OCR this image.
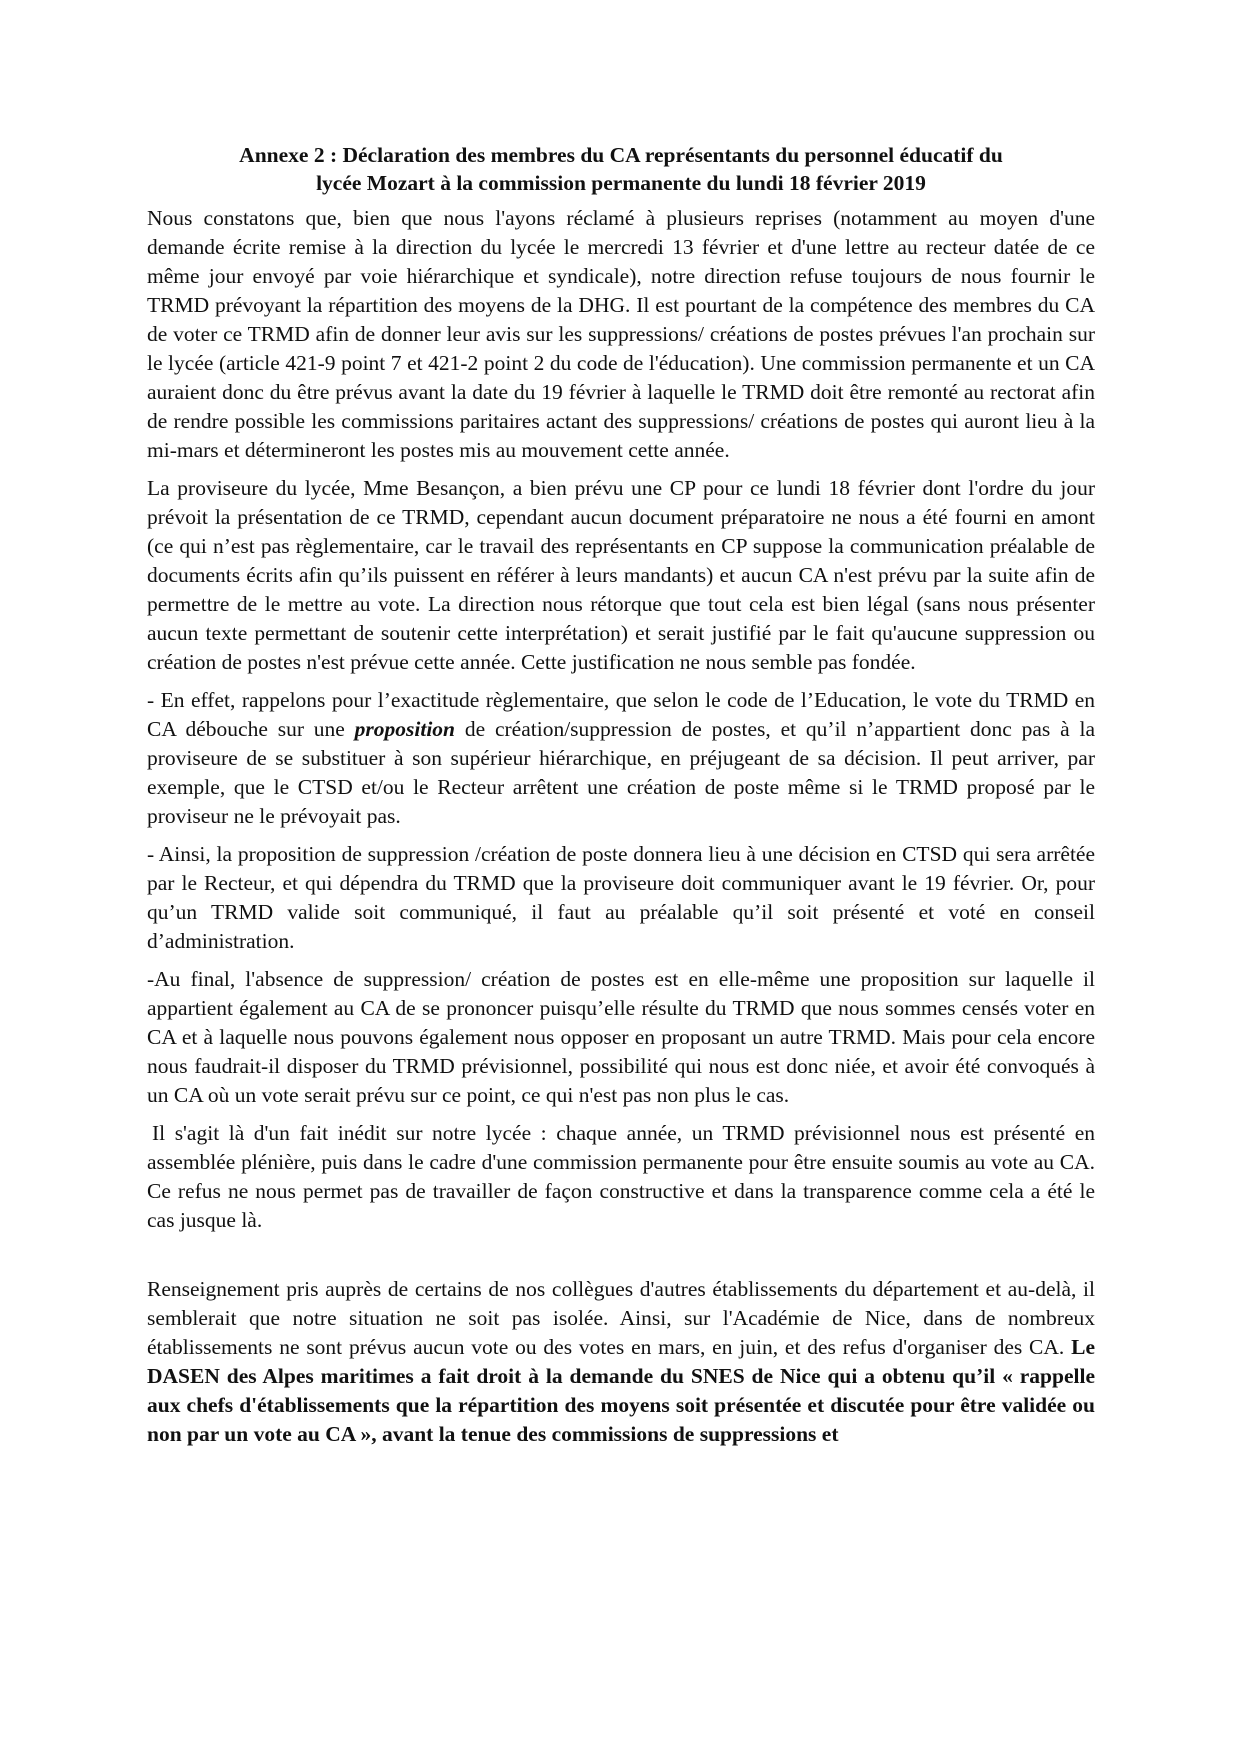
Annexe 2 : Déclaration des membres du CA représentants du personnel éducatif du
lycée Mozart à la commission permanente du lundi 18 février 2019

Nous constatons que, bien que nous l'ayons réclamé à plusieurs reprises (notamment au moyen d'une demande écrite remise à la direction du lycée le mercredi 13 février et d'une lettre au recteur datée de ce même jour envoyé par voie hiérarchique et syndicale), notre direction refuse toujours de nous fournir le TRMD prévoyant la répartition des moyens de la DHG. Il est pourtant de la compétence des membres du CA de voter ce TRMD afin de donner leur avis sur les suppressions/ créations de postes prévues l'an prochain sur le lycée (article 421-9 point 7 et 421-2 point 2 du code de l'éducation). Une commission permanente et un CA auraient donc du être prévus avant la date du 19 février à laquelle le TRMD doit être remonté au rectorat afin de rendre possible les commissions paritaires actant des suppressions/ créations de postes qui auront lieu à la mi-mars et détermineront les postes mis au mouvement cette année.

La proviseure du lycée, Mme Besançon, a bien prévu une CP pour ce lundi 18 février dont l'ordre du jour prévoit la présentation de ce TRMD, cependant aucun document préparatoire ne nous a été fourni en amont (ce qui n’est pas règlementaire, car le travail des représentants en CP suppose la communication préalable de documents écrits afin qu’ils puissent en référer à leurs mandants) et aucun CA n'est prévu par la suite afin de permettre de le mettre au vote. La direction nous rétorque que tout cela est bien légal (sans nous présenter aucun texte permettant de soutenir cette interprétation) et serait justifié par le fait qu'aucune suppression ou création de postes n'est prévue cette année. Cette justification ne nous semble pas fondée.

- En effet, rappelons pour l’exactitude règlementaire, que selon le code de l’Education, le vote du TRMD en CA débouche sur une proposition de création/suppression de postes, et qu’il n’appartient donc pas à la proviseure de se substituer à son supérieur hiérarchique, en préjugeant de sa décision. Il peut arriver, par exemple, que le CTSD et/ou le Recteur arrêtent une création de poste même si le TRMD proposé par le proviseur ne le prévoyait pas.

- Ainsi, la proposition de suppression /création de poste donnera lieu à une décision en CTSD qui sera arrêtée par le Recteur, et qui dépendra du TRMD que la proviseure doit communiquer avant le 19 février. Or, pour qu’un TRMD valide soit communiqué, il faut au préalable qu’il soit présenté et voté en conseil d’administration.

-Au final, l'absence de suppression/ création de postes est en elle-même une proposition sur laquelle il appartient également au CA de se prononcer puisqu’elle résulte du TRMD que nous sommes censés voter en CA et à laquelle nous pouvons également nous opposer en proposant un autre TRMD. Mais pour cela encore nous faudrait-il disposer du TRMD prévisionnel, possibilité qui nous est donc niée, et avoir été convoqués à un CA où un vote serait prévu sur ce point, ce qui n'est pas non plus le cas.

Il s'agit là d'un fait inédit sur notre lycée : chaque année, un TRMD prévisionnel nous est présenté en assemblée plénière, puis dans le cadre d'une commission permanente pour être ensuite soumis au vote au CA. Ce refus ne nous permet pas de travailler de façon constructive et dans la transparence comme cela a été le cas jusque là.

Renseignement pris auprès de certains de nos collègues d'autres établissements du département et au-delà, il semblerait que notre situation ne soit pas isolée. Ainsi, sur l'Académie de Nice, dans de nombreux établissements ne sont prévus aucun vote ou des votes en mars, en juin, et des refus d'organiser des CA. Le DASEN des Alpes maritimes a fait droit à la demande du SNES de Nice qui a obtenu qu’il « rappelle aux chefs d'établissements que la répartition des moyens soit présentée et discutée pour être validée ou non par un vote au CA », avant la tenue des commissions de suppressions et
